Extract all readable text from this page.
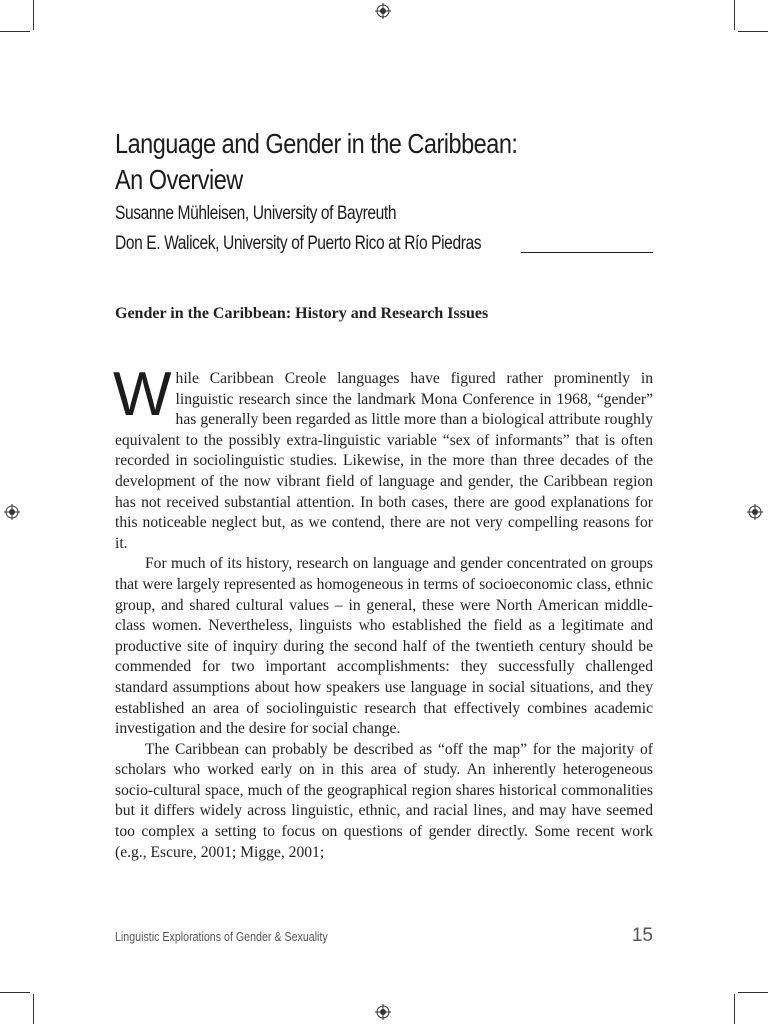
Language and Gender in the Caribbean:
An Overview
Susanne Mühleisen, University of Bayreuth
Don E. Walicek, University of Puerto Rico at Río Piedras
Gender in the Caribbean: History and Research Issues

While Caribbean Creole languages have figured rather prominently in linguistic research since the landmark Mona Conference in 1968, “gender” has generally been regarded as little more than a biological attribute roughly equivalent to the possibly extra-linguistic variable “sex of informants” that is often recorded in sociolinguistic studies. Likewise, in the more than three decades of the development of the now vibrant field of language and gender, the Caribbean region has not received substantial attention. In both cases, there are good explanations for this noticeable neglect but, as we contend, there are not very compelling reasons for it.

For much of its history, research on language and gender concentrated on groups that were largely represented as homogeneous in terms of socioeconomic class, ethnic group, and shared cultural values – in general, these were North American middle-class women. Nevertheless, linguists who established the field as a legitimate and productive site of inquiry during the second half of the twentieth century should be commended for two important accomplishments: they successfully challenged standard assumptions about how speakers use language in social situations, and they established an area of sociolinguistic research that effectively combines academic investigation and the desire for social change.

The Caribbean can probably be described as “off the map” for the majority of scholars who worked early on in this area of study. An inherently heterogeneous socio-cultural space, much of the geographical region shares historical commonalities but it differs widely across linguistic, ethnic, and racial lines, and may have seemed too complex a setting to focus on questions of gender directly. Some recent work (e.g., Escure, 2001; Migge, 2001;

Linguistic Explorations of Gender & Sexuality	15
